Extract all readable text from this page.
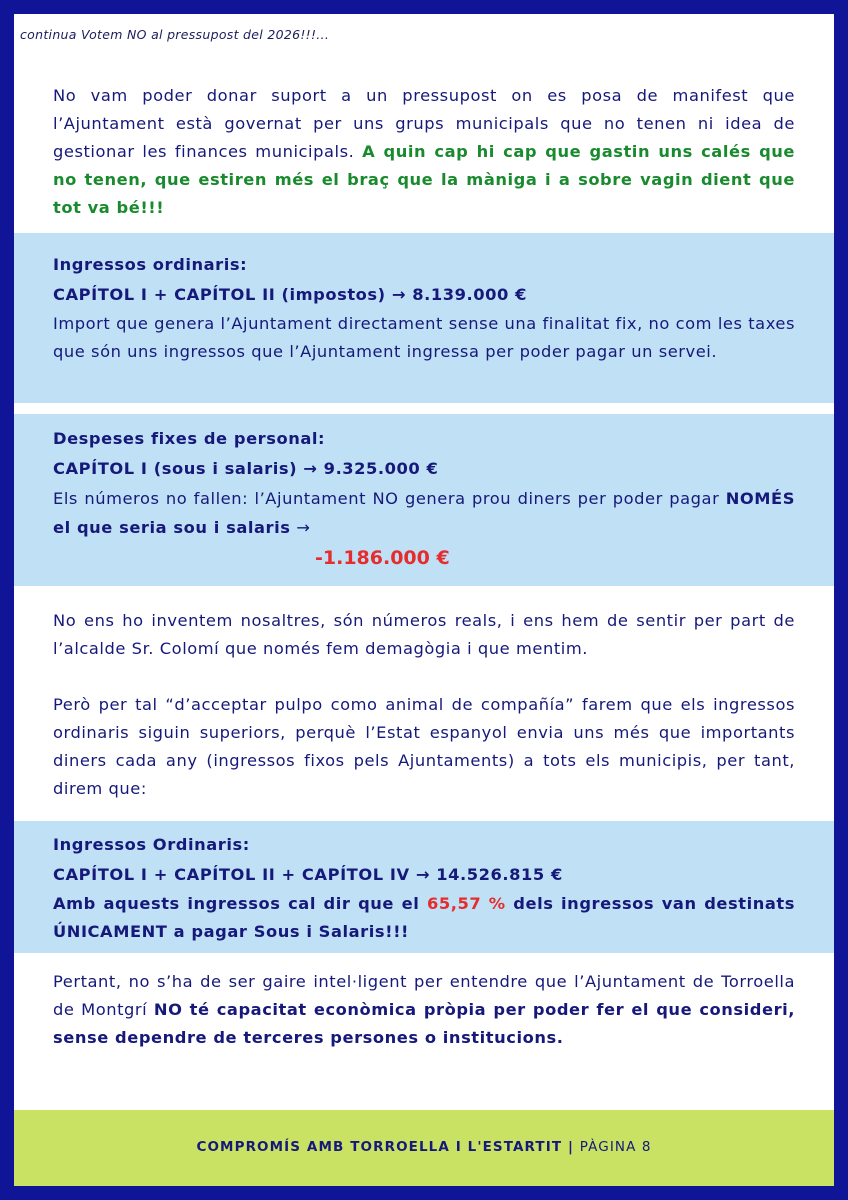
continua Votem NO al pressupost del 2026!!!...
No vam poder donar suport a un pressupost on es posa de manifest que l’Ajuntament està governat per uns grups municipals que no tenen ni idea de gestionar les finances municipals. A quin cap hi cap que gastin uns calés que no tenen, que estiren més el braç que la màniga i a sobre vagin dient que tot va bé!!!
Ingressos ordinaris:
CAPÍTOL I + CAPÍTOL II (impostos) → 8.139.000 €
Import que genera l’Ajuntament directament sense una finalitat fix, no com les taxes que són uns ingressos que l’Ajuntament ingressa per poder pagar un servei.
Despeses fixes de personal:
CAPÍTOL I (sous i salaris) → 9.325.000 €
Els números no fallen: l’Ajuntament NO genera prou diners per poder pagar NOMÉS el que seria sou i salaris →
-1.186.000 €
No ens ho inventem nosaltres, són números reals, i ens hem de sentir per part de l’alcalde Sr. Colomí que només fem demagògia i que mentim.
Però per tal “d’acceptar pulpo como animal de compañía” farem que els ingressos ordinaris siguin superiors, perquè l’Estat espanyol envia uns més que importants diners cada any (ingressos fixos pels Ajuntaments) a tots els municipis, per tant, direm que:
Ingressos Ordinaris:
CAPÍTOL I + CAPÍTOL II + CAPÍTOL IV → 14.526.815 €
Amb aquests ingressos cal dir que el 65,57 % dels ingressos van destinats ÚNICAMENT a pagar Sous i Salaris!!!
Pertant, no s’ha de ser gaire intel·ligent per entendre que l’Ajuntament de Torroella de Montgrí NO té capacitat econòmica pròpia per poder fer el que consideri, sense dependre de terceres persones o institucions.
COMPROMÍS AMB TORROELLA I L'ESTARTIT | PÀGINA 8
